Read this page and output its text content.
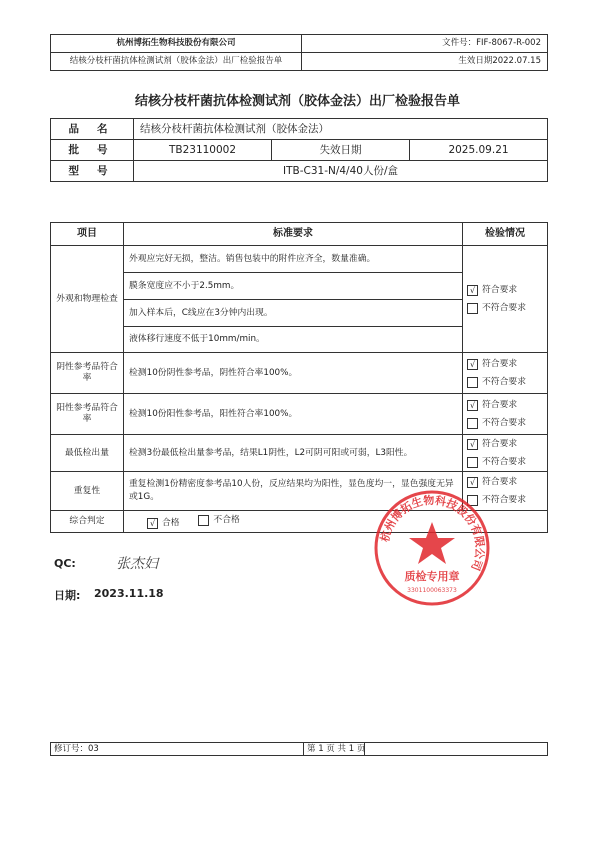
杭州博拓生物科技股份有限公司	文件号：FIF-8067-R-002
结核分枝杆菌抗体检测试剂（胶体金法）出厂检验报告单	生效日期2022.07.15
结核分枝杆菌抗体检测试剂（胶体金法）出厂检验报告单
品名	结核分枝杆菌抗体检测试剂（胶体金法）		
批号	TB23110002	失效日期	2025.09.21
型号	ITB-C31-N/4/40人份/盒		
项目	标准要求	检验情况
外观和物理检查	外观应完好无损，整洁。销售包装中的附件应齐全，数量准确。	√ 符合要求
不符合要求

	膜条宽度应不小于2.5mm。	
	加入样本后，C线应在3分钟内出现。	
	液体移行速度不低于10mm/min。	
阴性参考品符合率	检测10份阴性参考品，阴性符合率100%。	√ 符合要求
不符合要求

阳性参考品符合率	检测10份阳性参考品，阳性符合率100%。	√ 符合要求
不符合要求

最低检出量	检测3份最低检出量参考品，结果L1阴性，L2可阴可阳或可弱，L3阳性。	√ 符合要求
不符合要求

重复性	重复检测1份精密度参考品10人份，反应结果均为阳性，显色度均一，显色强度无异或1G。	√ 符合要求
不符合要求

综合判定	√ 合格
不合格	
QC:	张杰妇
日期: 2023.11.18
杭州博拓生物科技股份有限公司
质检专用章
3301100063373
修订号：03	第 1 页 共 1 页	
